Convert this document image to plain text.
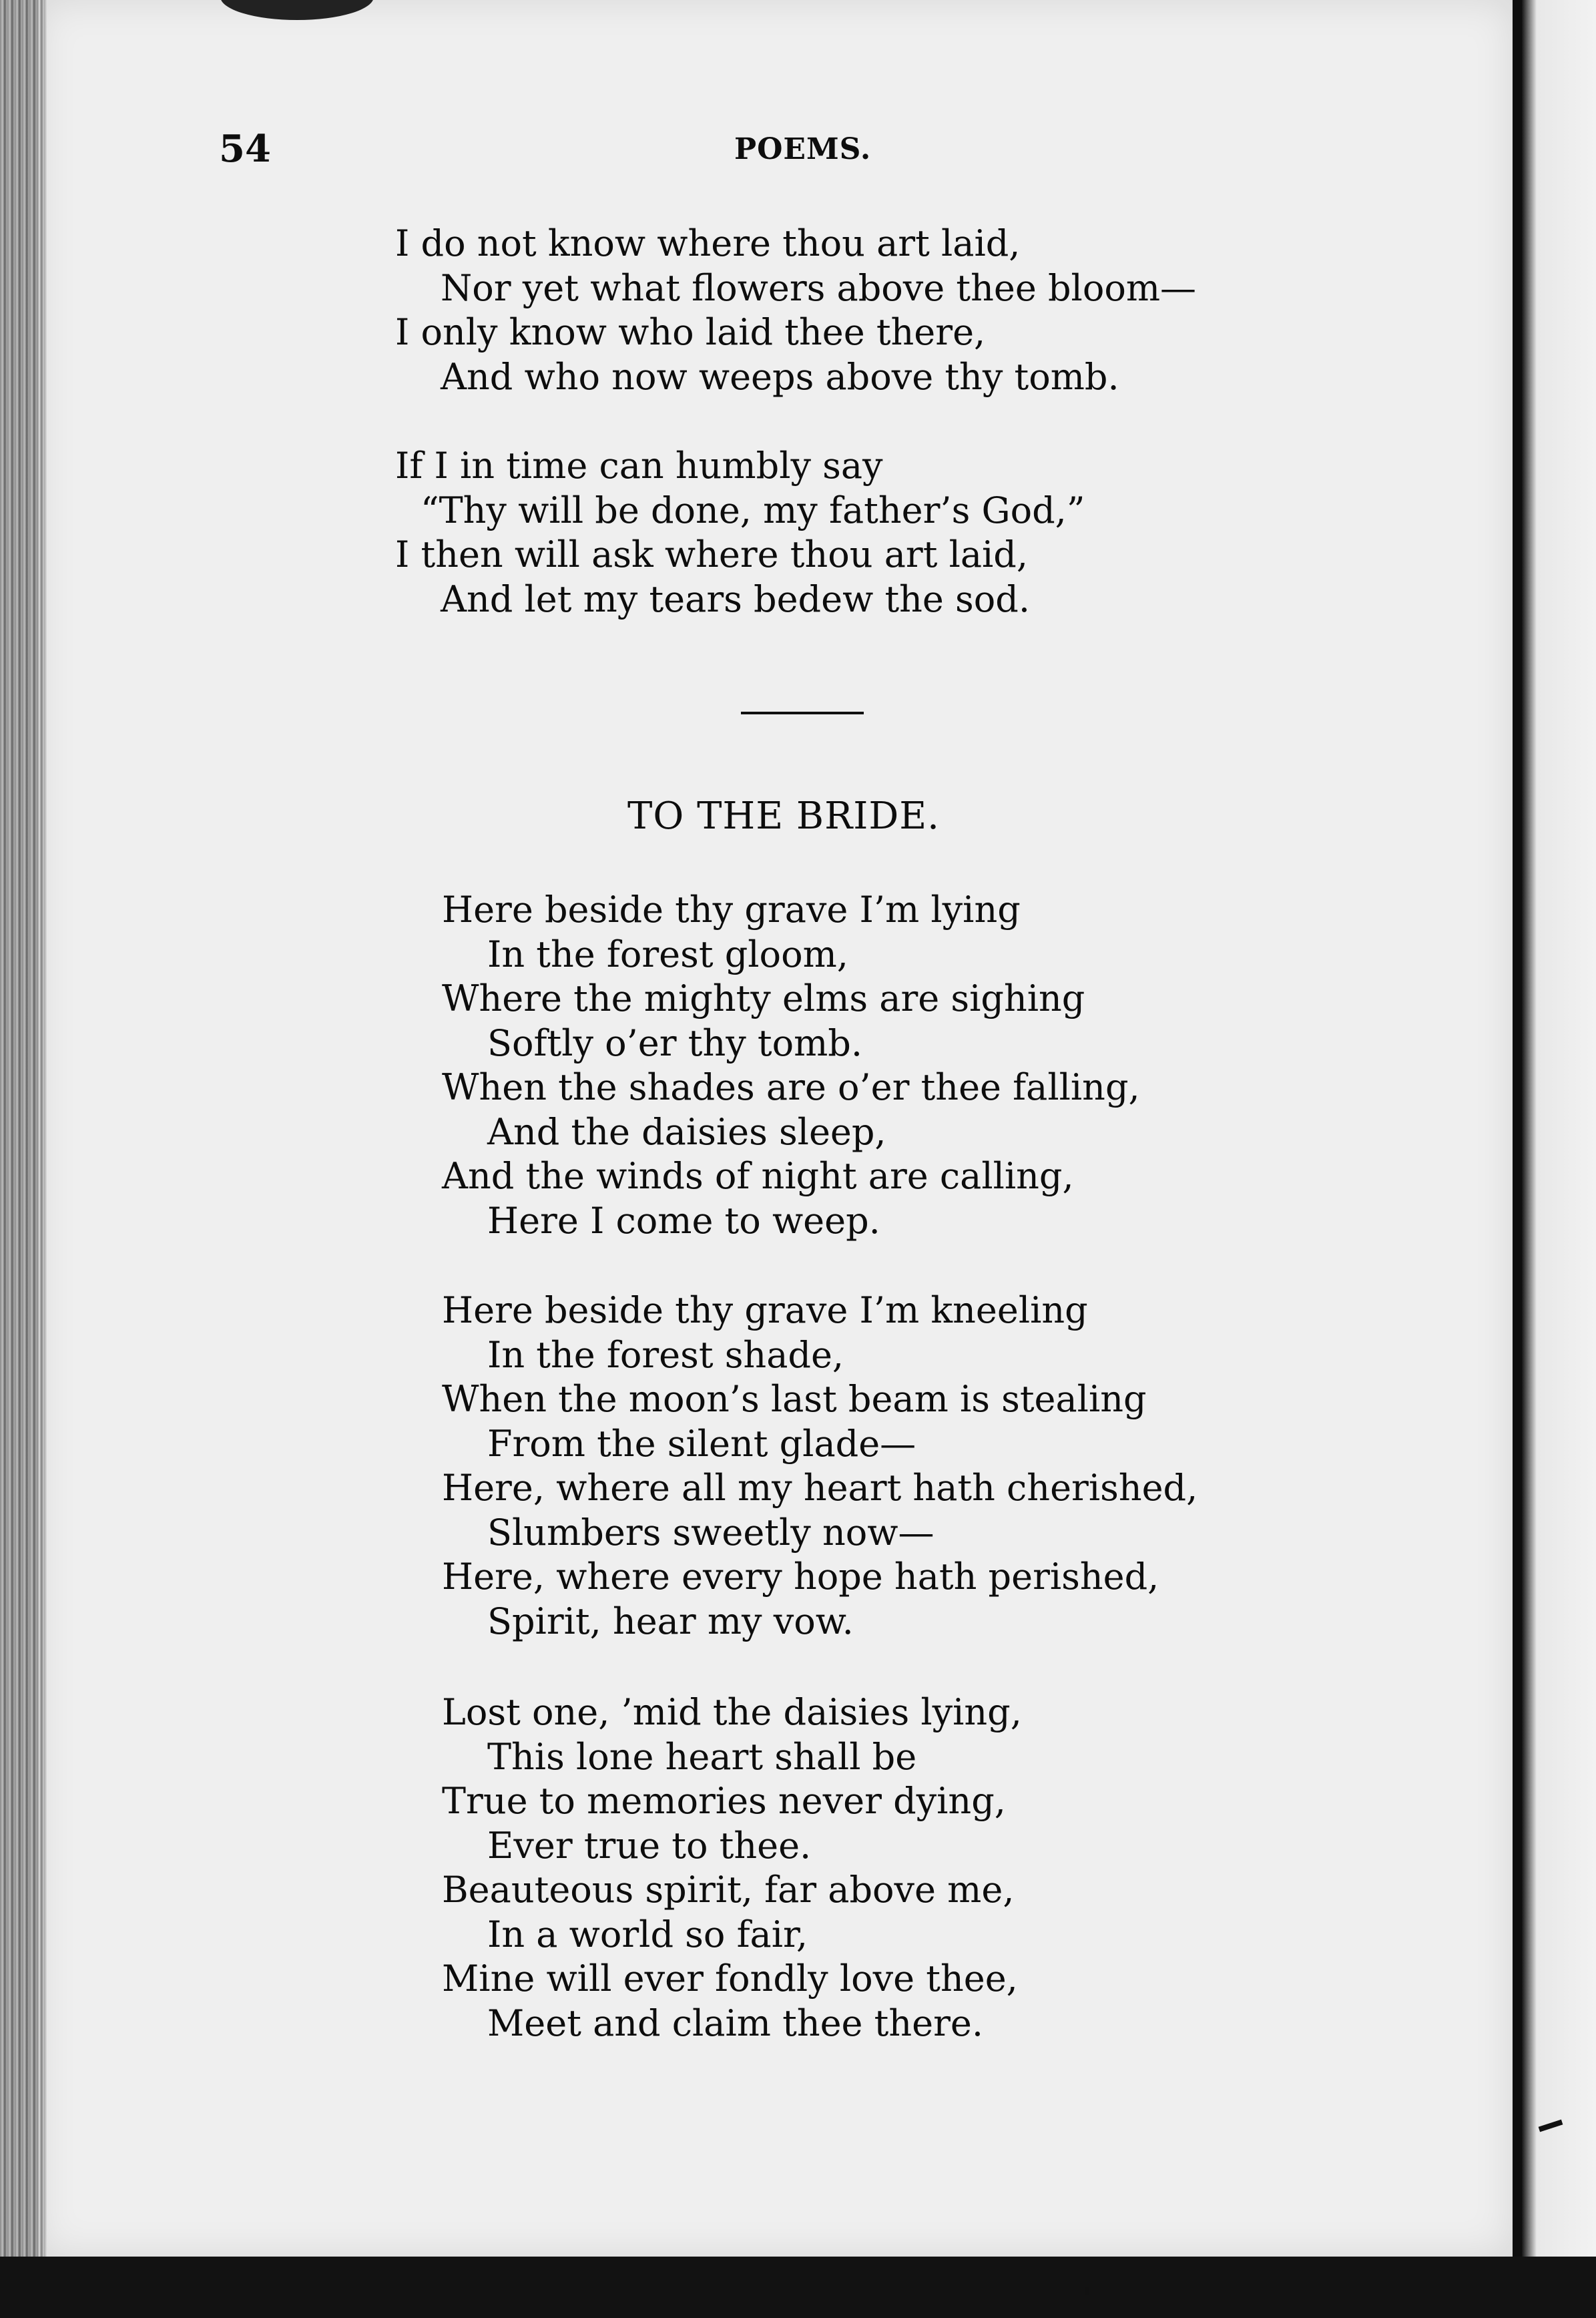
54	POEMS.
I do not know where thou art laid,
Nor yet what flowers above thee bloom—
I only know who laid thee there,
And who now weeps above thy tomb.
If I in time can humbly say
“Thy will be done, my father’s God,”
I then will ask where thou art laid,
And let my tears bedew the sod.
TO THE BRIDE.
Here beside thy grave I’m lying
In the forest gloom,
Where the mighty elms are sighing
Softly o’er thy tomb.
When the shades are o’er thee falling,
And the daisies sleep,
And the winds of night are calling,
Here I come to weep.
Here beside thy grave I’m kneeling
In the forest shade,
When the moon’s last beam is stealing
From the silent glade—
Here, where all my heart hath cherished,
Slumbers sweetly now—
Here, where every hope hath perished,
Spirit, hear my vow.
Lost one, ’mid the daisies lying,
This lone heart shall be
True to memories never dying,
Ever true to thee.
Beauteous spirit, far above me,
In a world so fair,
Mine will ever fondly love thee,
Meet and claim thee there.
